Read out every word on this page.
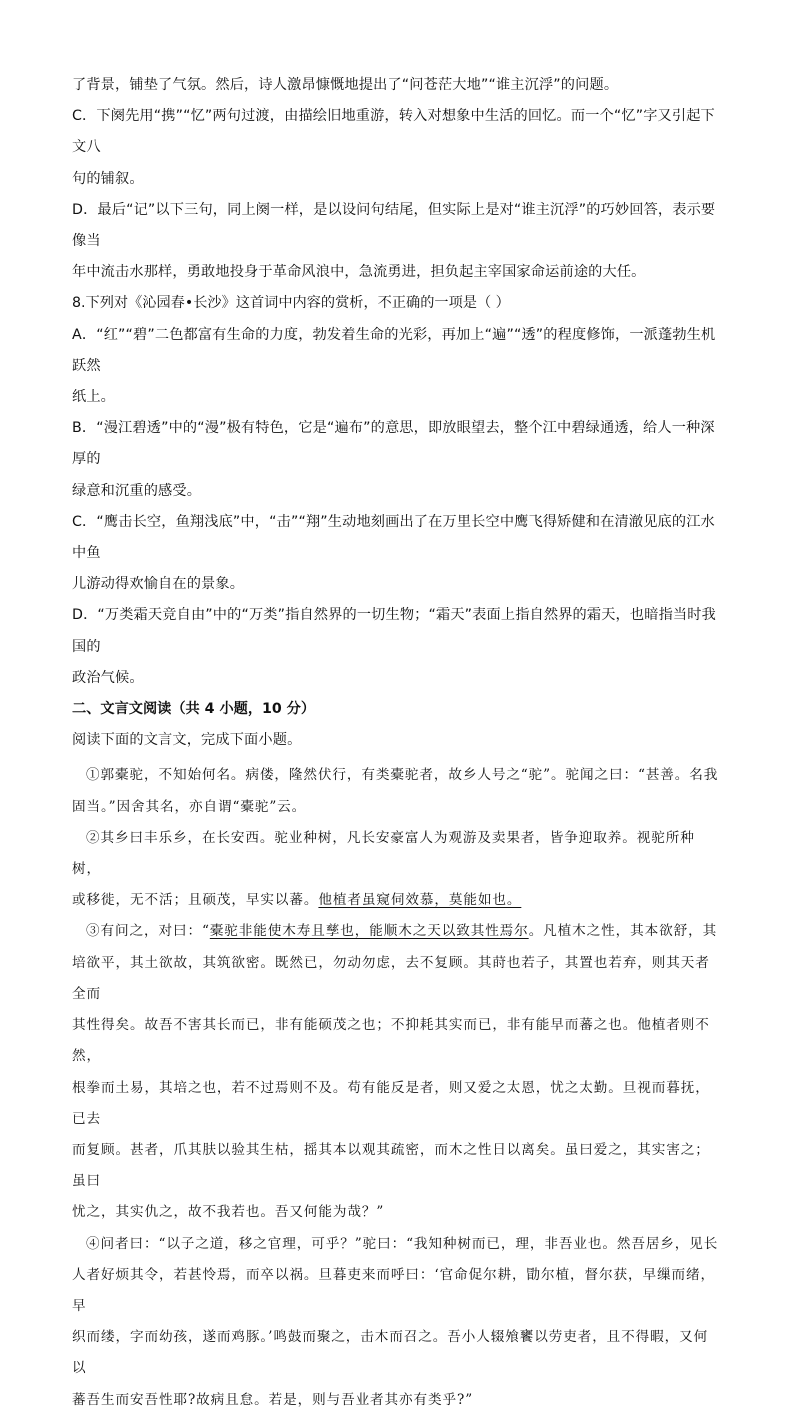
了背景，铺垫了气氛。然后，诗人激昂慷慨地提出了“问苍茫大地”“谁主沉浮”的问题。

C．下阕先用“携”“忆”两句过渡，由描绘旧地重游，转入对想象中生活的回忆。而一个“忆”字又引起下文八

句的铺叙。

D．最后“记”以下三句，同上阕一样，是以设问句结尾，但实际上是对“谁主沉浮”的巧妙回答，表示要像当

年中流击水那样，勇敢地投身于革命风浪中，急流勇进，担负起主宰国家命运前途的大任。

8.下列对《沁园春•长沙》这首词中内容的赏析，不正确的一项是（ ）

A．“红”“碧”二色都富有生命的力度，勃发着生命的光彩，再加上“遍”“透”的程度修饰，一派蓬勃生机跃然

纸上。

B．“漫江碧透”中的“漫”极有特色，它是“遍布”的意思，即放眼望去，整个江中碧绿通透，给人一种深厚的

绿意和沉重的感受。

C．“鹰击长空，鱼翔浅底”中，“击”“翔”生动地刻画出了在万里长空中鹰飞得矫健和在清澈见底的江水中鱼

儿游动得欢愉自在的景象。

D．“万类霜天竞自由”中的“万类”指自然界的一切生物；“霜天”表面上指自然界的霜天，也暗指当时我国的

政治气候。

二、文言文阅读（共 4 小题，10 分）

阅读下面的文言文，完成下面小题。

①郭橐驼，不知始何名。病偻，隆然伏行，有类橐驼者，故乡人号之“驼”。驼闻之曰：“甚善。名我

固当。”因舍其名，亦自谓“橐驼”云。

②其乡曰丰乐乡，在长安西。驼业种树，凡长安豪富人为观游及卖果者，皆争迎取养。视驼所种树，

或移徙，无不活；且硕茂，早实以蕃。他植者虽窥伺效慕，莫能如也。

③有问之，对曰：“橐驼非能使木寿且孳也，能顺木之天以致其性焉尔。凡植木之性，其本欲舒，其

培欲平，其土欲故，其筑欲密。既然已，勿动勿虑，去不复顾。其莳也若子，其置也若弃，则其天者全而

其性得矣。故吾不害其长而已，非有能硕茂之也；不抑耗其实而已，非有能早而蕃之也。他植者则不然，

根拳而土易，其培之也，若不过焉则不及。苟有能反是者，则又爱之太恩，忧之太勤。旦视而暮抚，已去

而复顾。甚者，爪其肤以验其生枯，摇其本以观其疏密，而木之性日以离矣。虽曰爱之，其实害之；虽曰

忧之，其实仇之，故不我若也。吾又何能为哉？”

④问者曰：“以子之道，移之官理，可乎？”驼曰：“我知种树而已，理，非吾业也。然吾居乡，见长

人者好烦其令，若甚怜焉，而卒以祸。旦暮吏来而呼曰：‘官命促尔耕，勖尔植，督尔获，早缫而绪，早

织而缕，字而幼孩，遂而鸡豚。’鸣鼓而聚之，击木而召之。吾小人辍飧饔以劳吏者，且不得暇，又何以

蕃吾生而安吾性耶?故病且怠。若是，则与吾业者其亦有类乎?”
